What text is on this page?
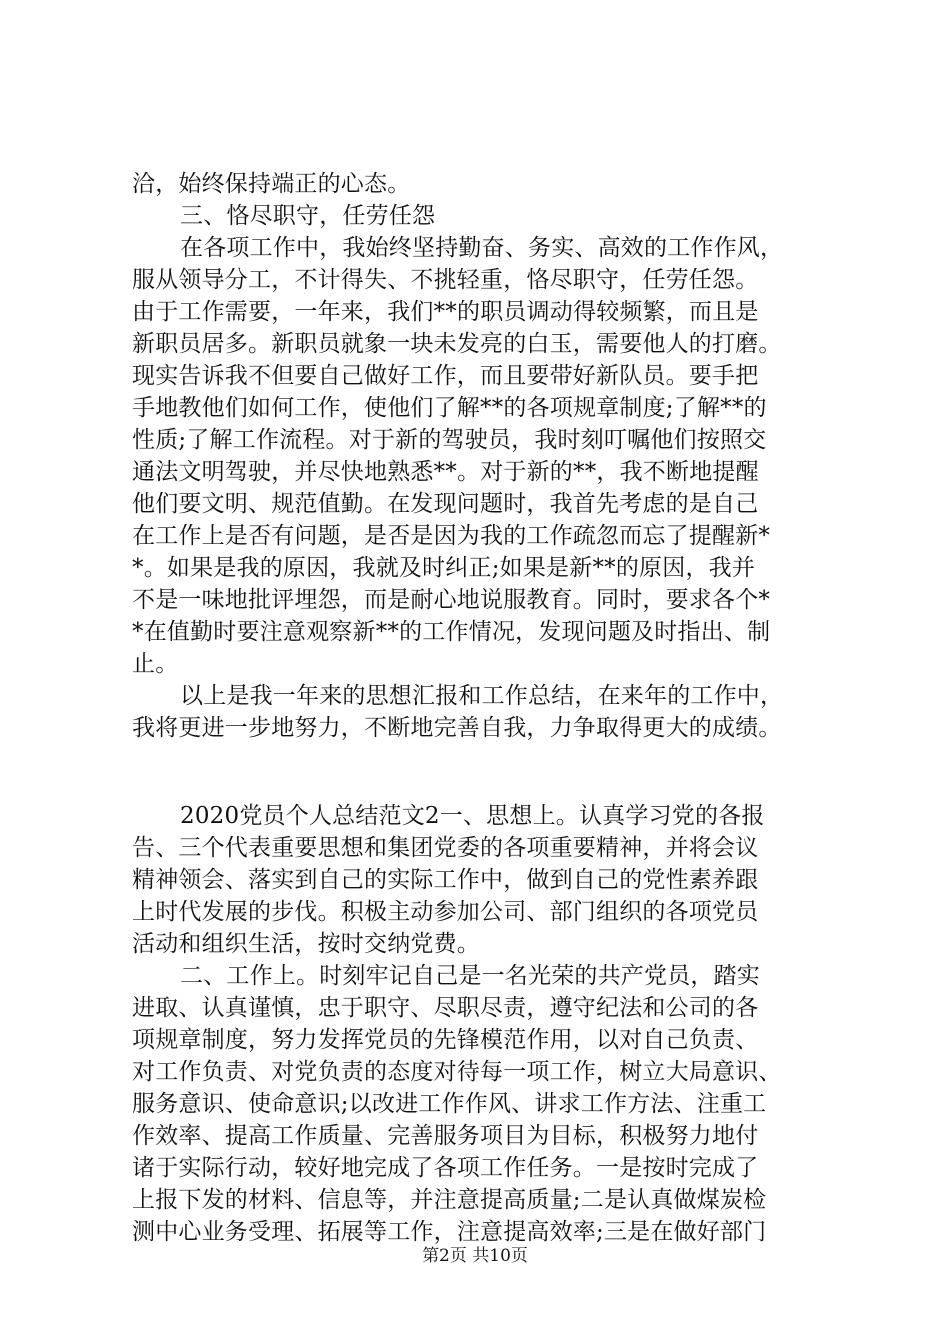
洽，始终保持端正的心态。
三、恪尽职守，任劳任怨
在各项工作中，我始终坚持勤奋、务实、高效的工作作风，
服从领导分工，不计得失、不挑轻重，恪尽职守，任劳任怨。
由于工作需要，一年来，我们**的职员调动得较频繁，而且是
新职员居多。新职员就象一块未发亮的白玉，需要他人的打磨。
现实告诉我不但要自己做好工作，而且要带好新队员。要手把
手地教他们如何工作，使他们了解**的各项规章制度;了解**的
性质;了解工作流程。对于新的驾驶员，我时刻叮嘱他们按照交
通法文明驾驶，并尽快地熟悉**。对于新的**，我不断地提醒
他们要文明、规范值勤。在发现问题时，我首先考虑的是自己
在工作上是否有问题，是否是因为我的工作疏忽而忘了提醒新*
*。如果是我的原因，我就及时纠正;如果是新**的原因，我并
不是一味地批评埋怨，而是耐心地说服教育。同时，要求各个*
*在值勤时要注意观察新**的工作情况，发现问题及时指出、制
止。
以上是我一年来的思想汇报和工作总结，在来年的工作中，
我将更进一步地努力，不断地完善自我，力争取得更大的成绩。
2020党员个人总结范文2一、思想上。认真学习党的各报
告、三个代表重要思想和集团党委的各项重要精神，并将会议
精神领会、落实到自己的实际工作中，做到自己的党性素养跟
上时代发展的步伐。积极主动参加公司、部门组织的各项党员
活动和组织生活，按时交纳党费。
二、工作上。时刻牢记自己是一名光荣的共产党员，踏实
进取、认真谨慎，忠于职守、尽职尽责，遵守纪法和公司的各
项规章制度，努力发挥党员的先锋模范作用，以对自己负责、
对工作负责、对党负责的态度对待每一项工作，树立大局意识、
服务意识、使命意识;以改进工作作风、讲求工作方法、注重工
作效率、提高工作质量、完善服务项目为目标，积极努力地付
诸于实际行动，较好地完成了各项工作任务。一是按时完成了
上报下发的材料、信息等，并注意提高质量;二是认真做煤炭检
测中心业务受理、拓展等工作，注意提高效率;三是在做好部门
第2页 共10页
